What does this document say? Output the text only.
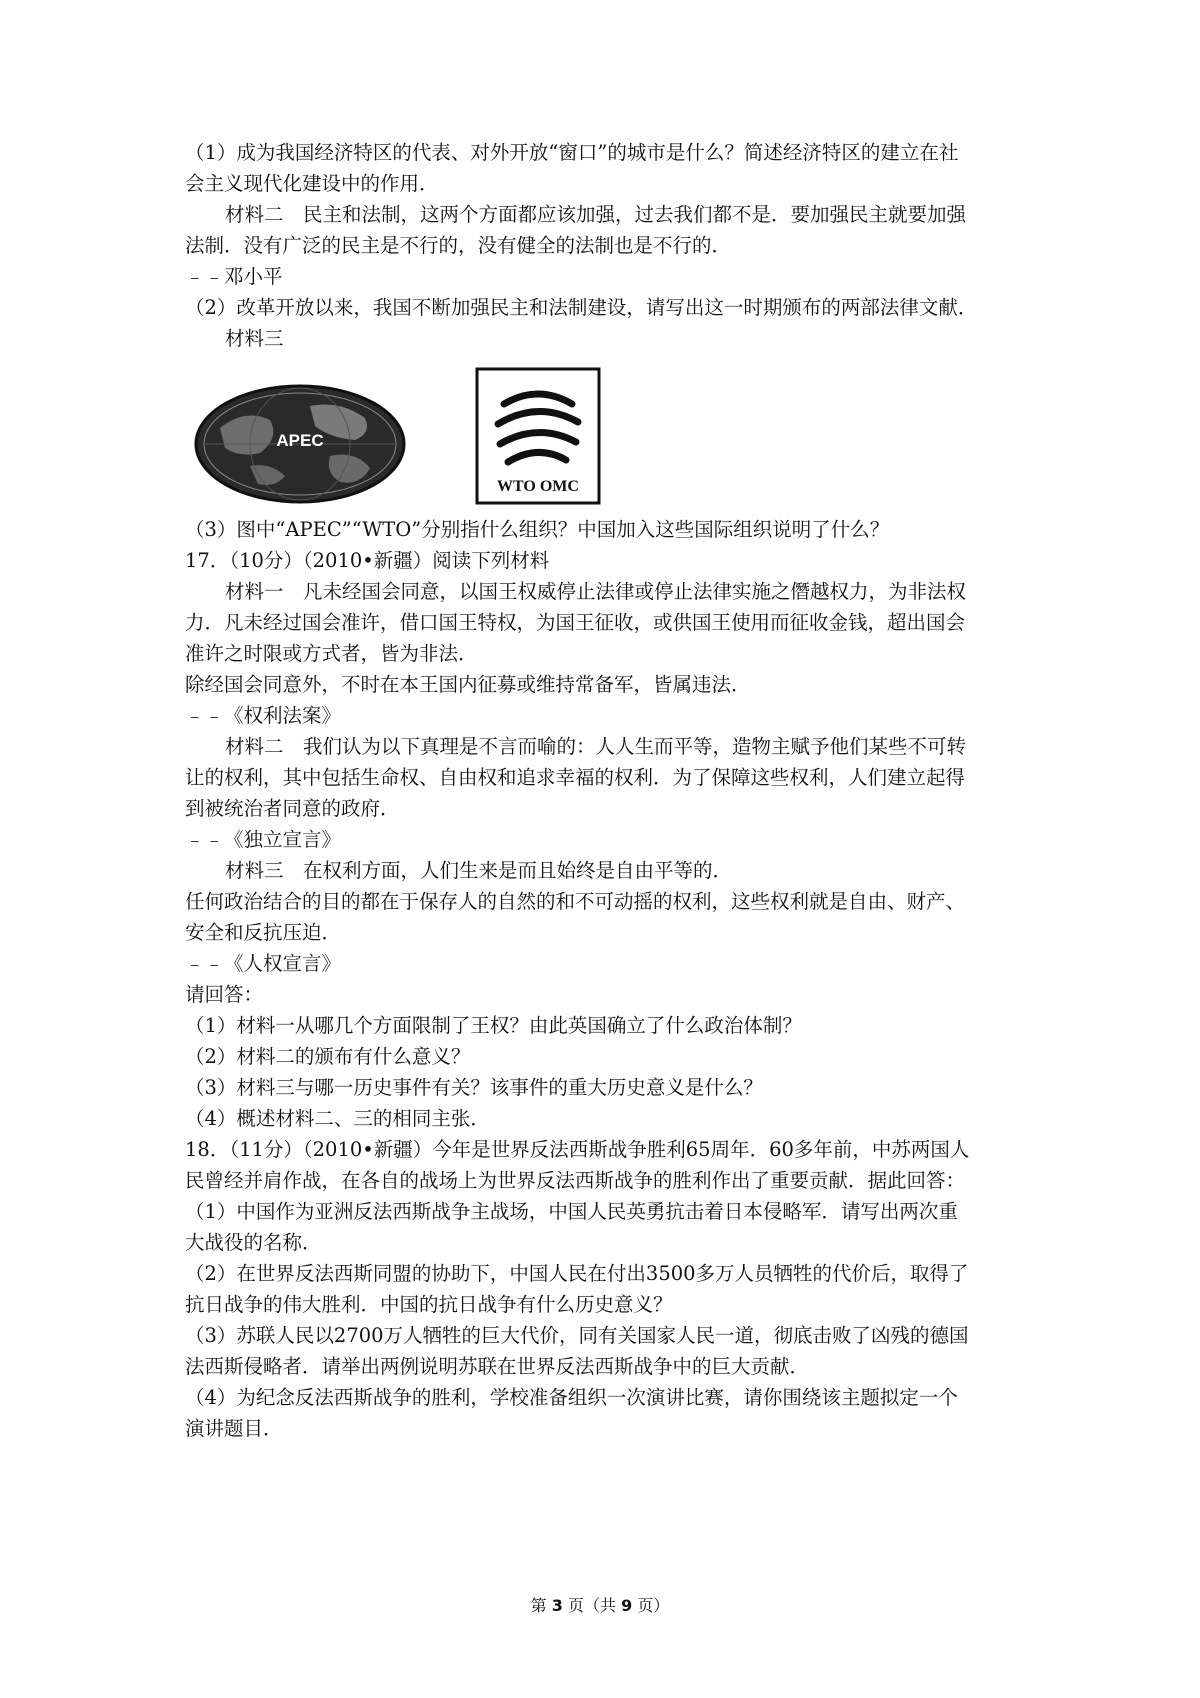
（1）成为我国经济特区的代表、对外开放“窗口”的城市是什么？简述经济特区的建立在社
会主义现代化建设中的作用．
材料二　民主和法制，这两个方面都应该加强，过去我们都不是．要加强民主就要加强
法制．没有广泛的民主是不行的，没有健全的法制也是不行的．
﹣﹣邓小平
（2）改革开放以来，我国不断加强民主和法制建设，请写出这一时期颁布的两部法律文献．
材料三
APEC
WTO OMC
（3）图中“APEC”“WTO”分别指什么组织？中国加入这些国际组织说明了什么？
17．（10分）（2010•新疆）阅读下列材料
材料一　凡未经国会同意，以国王权威停止法律或停止法律实施之僭越权力，为非法权
力．凡未经过国会准许，借口国王特权，为国王征收，或供国王使用而征收金钱，超出国会
准许之时限或方式者，皆为非法．
除经国会同意外，不时在本王国内征募或维持常备军，皆属违法．
﹣﹣《权利法案》
材料二　我们认为以下真理是不言而喻的：人人生而平等，造物主赋予他们某些不可转
让的权利，其中包括生命权、自由权和追求幸福的权利．为了保障这些权利，人们建立起得
到被统治者同意的政府．
﹣﹣《独立宣言》
材料三　在权利方面，人们生来是而且始终是自由平等的．
任何政治结合的目的都在于保存人的自然的和不可动摇的权利，这些权利就是自由、财产、
安全和反抗压迫．
﹣﹣《人权宣言》
请回答：
（1）材料一从哪几个方面限制了王权？由此英国确立了什么政治体制？
（2）材料二的颁布有什么意义？
（3）材料三与哪一历史事件有关？该事件的重大历史意义是什么？
（4）概述材料二、三的相同主张．
18．（11分）（2010•新疆）今年是世界反法西斯战争胜利65周年．60多年前，中苏两国人
民曾经并肩作战，在各自的战场上为世界反法西斯战争的胜利作出了重要贡献．据此回答：
（1）中国作为亚洲反法西斯战争主战场，中国人民英勇抗击着日本侵略军．请写出两次重
大战役的名称．
（2）在世界反法西斯同盟的协助下，中国人民在付出3500多万人员牺牲的代价后，取得了
抗日战争的伟大胜利．中国的抗日战争有什么历史意义？
（3）苏联人民以2700万人牺牲的巨大代价，同有关国家人民一道，彻底击败了凶残的德国
法西斯侵略者．请举出两例说明苏联在世界反法西斯战争中的巨大贡献．
（4）为纪念反法西斯战争的胜利，学校准备组织一次演讲比赛，请你围绕该主题拟定一个
演讲题目．
第 3 页（共 9 页）
